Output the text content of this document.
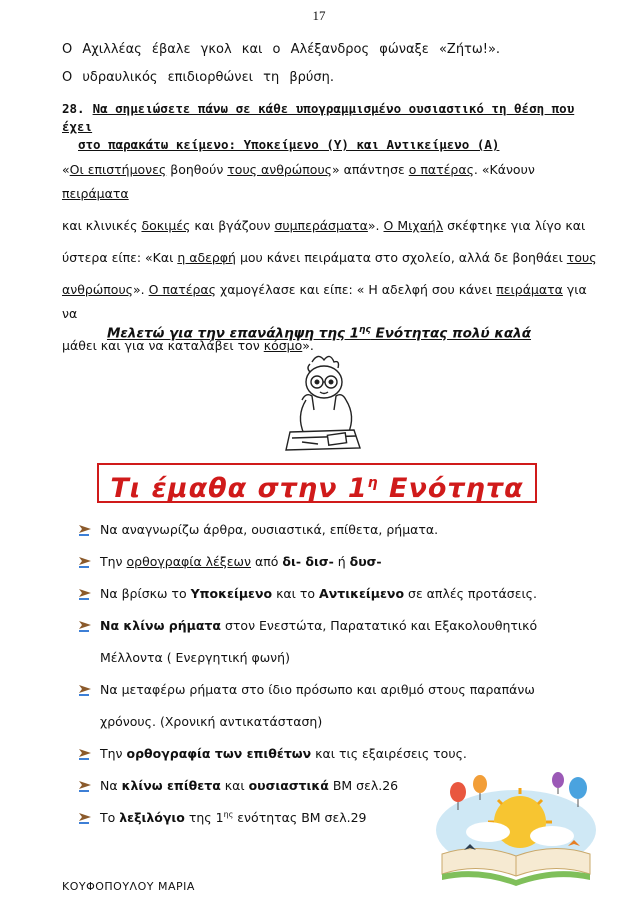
17
Ο Αχιλλέας έβαλε γκολ και ο Αλέξανδρος φώναξε «Ζήτω!».
Ο υδραυλικός επιδιορθώνει τη βρύση.
28. Να σημειώσετε πάνω σε κάθε υπογραμμισμένο ουσιαστικό τη θέση που έχει
στο παρακάτω κείμενο: Υποκείμενο (Υ) και Αντικείμενο (Α)
«Οι επιστήμονες βοηθούν τους ανθρώπους» απάντησε ο πατέρας. «Κάνουν πειράματα
και κλινικές δοκιμές και βγάζουν συμπεράσματα». Ο Μιχαήλ σκέφτηκε για λίγο και
ύστερα είπε: «Και η αδερφή μου κάνει πειράματα στο σχολείο, αλλά δε βοηθάει τους
ανθρώπους». Ο πατέρας χαμογέλασε και είπε: « Η αδελφή σου κάνει πειράματα για να
μάθει και για να καταλάβει τον κόσμο».
Μελετώ για την επανάληψη της $1^{\eta\varsigma}$ Ενότητας πολύ καλά
Τι έμαθα στην $1^\eta$ Ενότητα
Να αναγνωρίζω άρθρα, ουσιαστικά, επίθετα, ρήματα.
Την ορθογραφία λέξεων από δι- δισ- ή δυσ-
Να βρίσκω το Υποκείμενο και το Αντικείμενο σε απλές προτάσεις.
Να κλίνω ρήματα στον Ενεστώτα, Παρατατικό και Εξακολουθητικό
Μέλλοντα ( Ενεργητική φωνή)
Να μεταφέρω ρήματα στο ίδιο πρόσωπο και αριθμό στους παραπάνω
χρόνους. (Χρονική αντικατάσταση)
Την ορθογραφία των επιθέτων και τις εξαιρέσεις τους.
Να κλίνω επίθετα και ουσιαστικά ΒΜ σελ.26
Το λεξιλόγιο της $1^{\eta\varsigma}$ ενότητας ΒΜ σελ.29
ΚΟΥΦΟΠΟΥΛΟΥ ΜΑΡΙΑ
